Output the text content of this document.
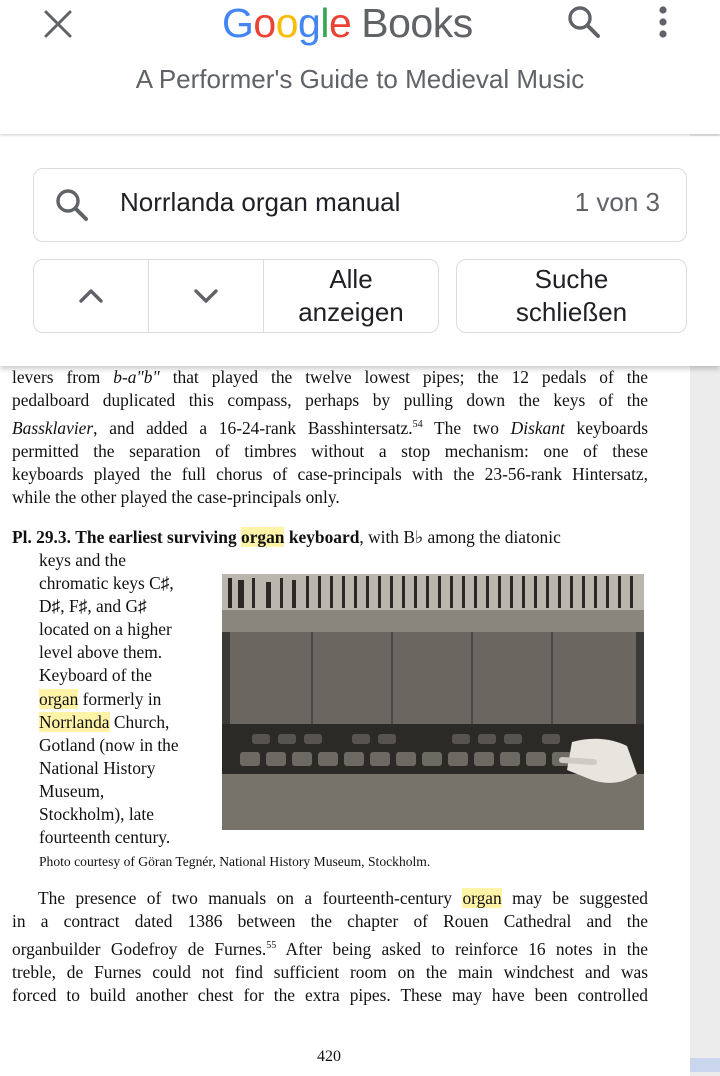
Google Books
A Performer's Guide to Medieval Music
levers from b-a"b" that played the twelve lowest pipes; the 12 pedals of the
pedalboard duplicated this compass, perhaps by pulling down the keys of the
Bassklavier, and added a 16-24-rank Basshintersatz.$^{54}$ The two Diskant keyboards
permitted the separation of timbres without a stop mechanism: one of these
keyboards played the full chorus of case-principals with the 23-56-rank Hintersatz,
while the other played the case-principals only.
Pl. 29.3. The earliest surviving organ keyboard, with B♭ among the diatonic
keys and the
chromatic keys C♯,
D♯, F♯, and G♯
located on a higher
level above them.
Keyboard of the
organ formerly in
Norrlanda Church,
Gotland (now in the
National History
Museum,
Stockholm), late
fourteenth century.
Photo courtesy of Göran Tegnér, National History Museum, Stockholm.
The presence of two manuals on a fourteenth-century organ may be suggested
in a contract dated 1386 between the chapter of Rouen Cathedral and the
organbuilder Godefroy de Furnes.$^{55}$ After being asked to reinforce 16 notes in the
treble, de Furnes could not find sufficient room on the main windchest and was
forced to build another chest for the extra pipes. These may have been controlled
420
Norrlanda organ manual	1 von 3
Alle
anzeigen
Suche
schließen
